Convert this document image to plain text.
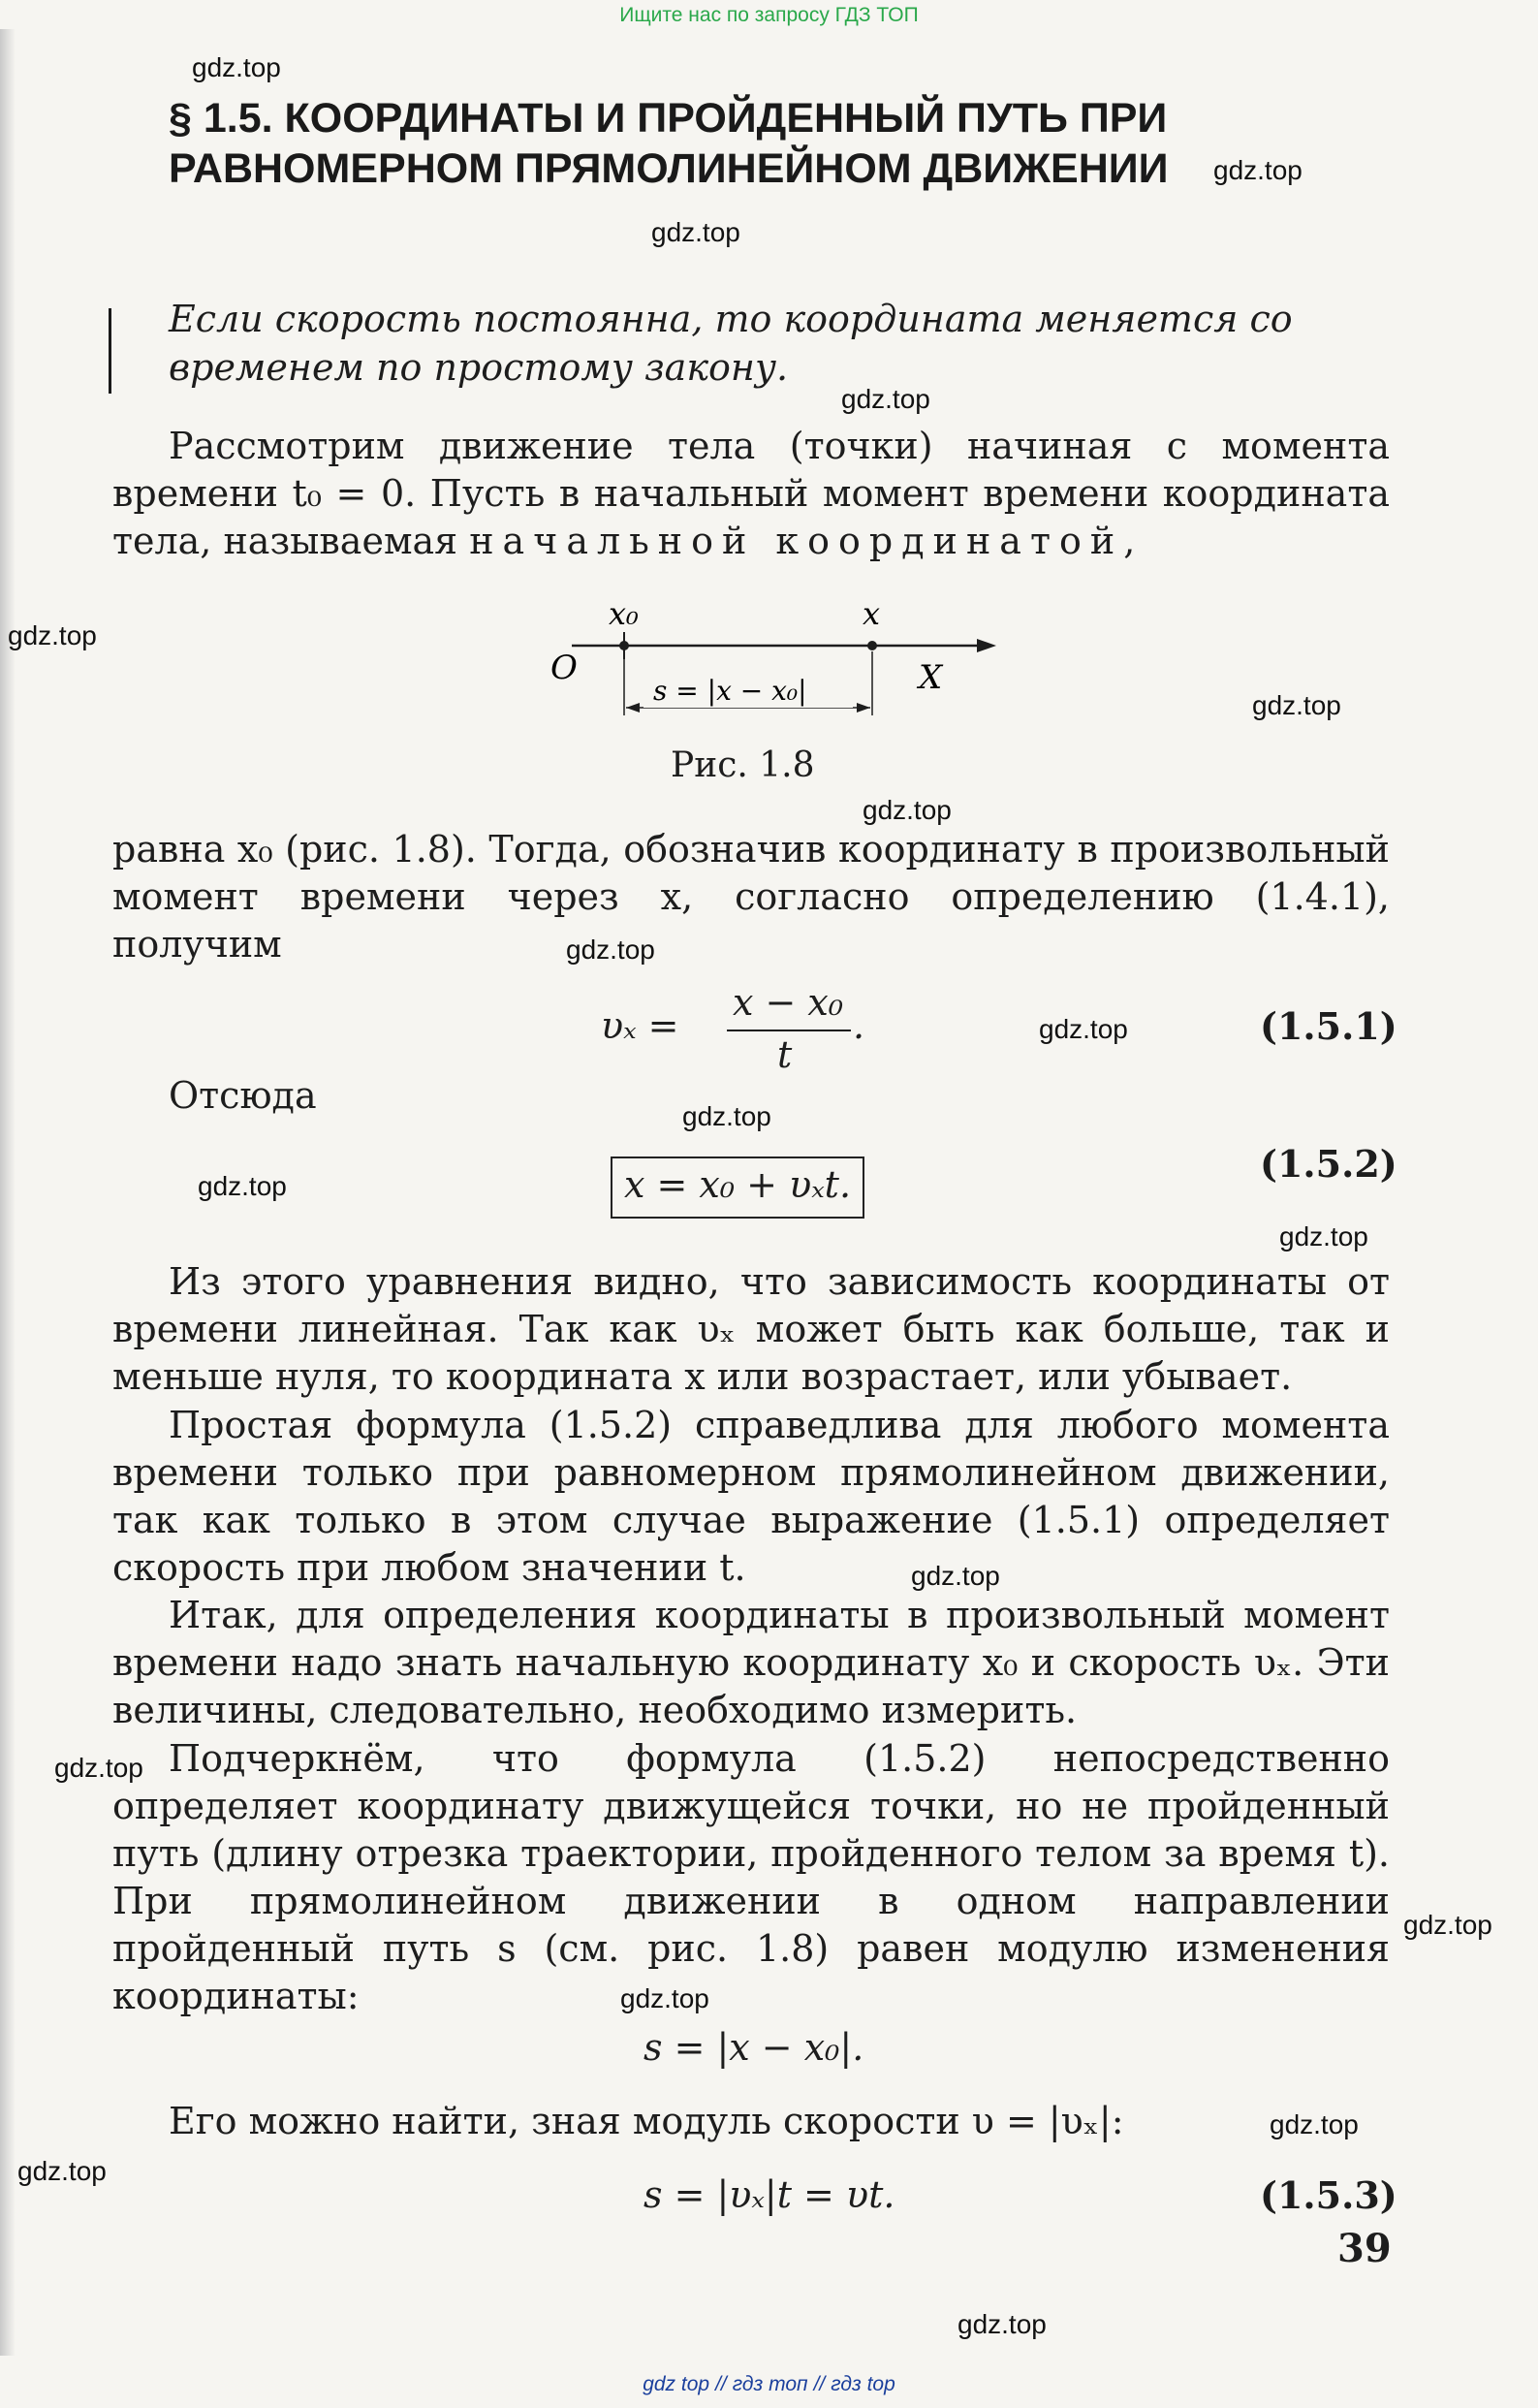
Ищите нас по запросу ГДЗ ТОП
gdz.top
gdz.top
gdz.top
gdz.top
gdz.top
gdz.top
gdz.top
gdz.top
gdz.top
gdz.top
gdz.top
gdz.top
gdz.top
gdz.top
gdz.top
gdz.top
gdz.top
gdz.top
gdz.top
§ 1.5. КООРДИНАТЫ И ПРОЙДЕННЫЙ ПУТЬ ПРИ РАВНОМЕРНОМ ПРЯМОЛИНЕЙНОМ ДВИЖЕНИИ
Если скорость постоянна, то координата меняется со временем по простому закону.
Рассмотрим движение тела (точки) начиная с момента времени t₀ = 0. Пусть в начальный момент времени координата тела, называемая начальной координатой,
O
x₀	x
X
s = |x − x₀|
Рис. 1.8
равна x₀ (рис. 1.8). Тогда, обозначив координату в произвольный момент времени через x, согласно определению (1.4.1), получим
υₓ =
x − x₀
t
.	(1.5.1)
Отсюда
x = x₀ + υₓt.	(1.5.2)
Из этого уравнения видно, что зависимость координаты от времени линейная. Так как υₓ может быть как больше, так и меньше нуля, то координата x или возрастает, или убывает.
Простая формула (1.5.2) справедлива для любого момента времени только при равномерном прямолинейном движении, так как только в этом случае выражение (1.5.1) определяет скорость при любом значении t.
Итак, для определения координаты в произвольный момент времени надо знать начальную координату x₀ и скорость υₓ. Эти величины, следовательно, необходимо измерить.
Подчеркнём, что формула (1.5.2) непосредственно определяет координату движущейся точки, но не пройденный путь (длину отрезка траектории, пройденного телом за время t). При прямолинейном движении в одном направлении пройденный путь s (см. рис. 1.8) равен модулю изменения координаты:
s = |x − x₀|.
Его можно найти, зная модуль скорости υ = |υₓ|:
s = |υₓ|t = υt.	(1.5.3)
39
gdz top // гдз топ // гдз top
